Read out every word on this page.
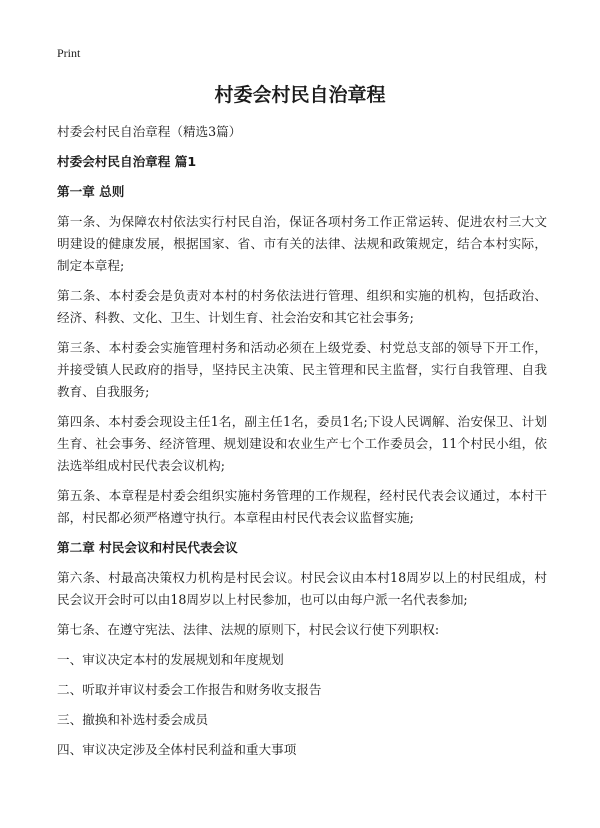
Print
村委会村民自治章程

村委会村民自治章程（精选3篇）

村委会村民自治章程 篇1

第一章 总则

第一条、为保障农村依法实行村民自治，保证各项村务工作正常运转、促进农村三大文明建设的健康发展，根据国家、省、市有关的法律、法规和政策规定，结合本村实际，制定本章程;

第二条、本村委会是负责对本村的村务依法进行管理、组织和实施的机构，包括政治、经济、科教、文化、卫生、计划生育、社会治安和其它社会事务;

第三条、本村委会实施管理村务和活动必须在上级党委、村党总支部的领导下开工作，并接受镇人民政府的指导，坚持民主决策、民主管理和民主监督，实行自我管理、自我教育、自我服务;

第四条、本村委会现设主任1名，副主任1名，委员1名;下设人民调解、治安保卫、计划生育、社会事务、经济管理、规划建设和农业生产七个工作委员会，11个村民小组，依法选举组成村民代表会议机构;

第五条、本章程是村委会组织实施村务管理的工作规程，经村民代表会议通过，本村干部，村民都必须严格遵守执行。本章程由村民代表会议监督实施;

第二章 村民会议和村民代表会议

第六条、村最高决策权力机构是村民会议。村民会议由本村18周岁以上的村民组成，村民会议开会时可以由18周岁以上村民参加，也可以由每户派一名代表参加;

第七条、在遵守宪法、法律、法规的原则下，村民会议行使下列职权:

一、审议决定本村的发展规划和年度规划

二、听取并审议村委会工作报告和财务收支报告

三、撤换和补选村委会成员

四、审议决定涉及全体村民利益和重大事项
